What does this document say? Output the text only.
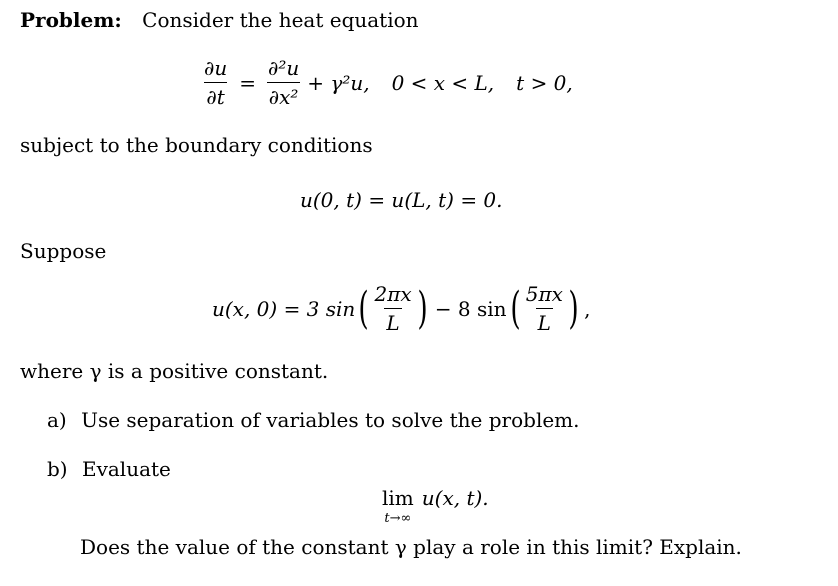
Problem: Consider the heat equation
$\frac{\partial u}{\partial t} = \frac{\text{∂²u}}{\text{∂x²}} + \gamma^2u$, 0 < x < L, t > 0,
subject to the boundary conditions
u(0, t) = u(L, t) = 0.
Suppose
u(x, 0) = 3 sin ( $\frac{2\pi x}{L}$ ) − 8 sin ( $\frac{5\pi x}{L}$ ) ,
where γ is a positive constant.
a) Use separation of variables to solve the problem.
b) Evaluate
lim
t→∞
u(x, t).
Does the value of the constant γ play a role in this limit? Explain.
